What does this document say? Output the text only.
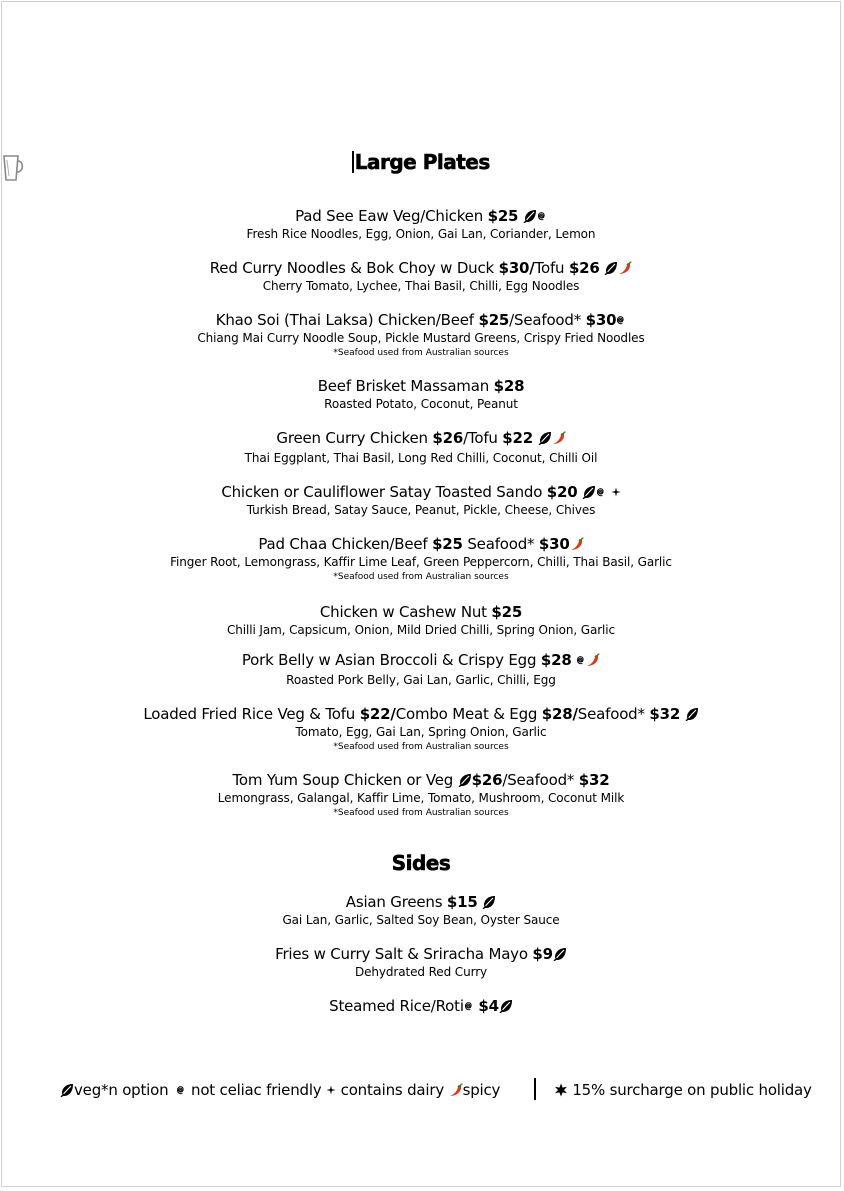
Large Plates
Pad See Eaw Veg/Chicken $25
Fresh Rice Noodles, Egg, Onion, Gai Lan, Coriander, Lemon
Red Curry Noodles & Bok Choy w Duck $30/Tofu $26
Cherry Tomato, Lychee, Thai Basil, Chilli, Egg Noodles
Khao Soi (Thai Laksa) Chicken/Beef $25/Seafood* $30
Chiang Mai Curry Noodle Soup, Pickle Mustard Greens, Crispy Fried Noodles
*Seafood used from Australian sources
Beef Brisket Massaman $28
Roasted Potato, Coconut, Peanut
Green Curry Chicken $26/Tofu $22
Thai Eggplant, Thai Basil, Long Red Chilli, Coconut, Chilli Oil
Chicken or Cauliflower Satay Toasted Sando $20
Turkish Bread, Satay Sauce, Peanut, Pickle, Cheese, Chives
Pad Chaa Chicken/Beef $25 Seafood* $30
Finger Root, Lemongrass, Kaffir Lime Leaf, Green Peppercorn, Chilli, Thai Basil, Garlic
*Seafood used from Australian sources
Chicken w Cashew Nut $25
Chilli Jam, Capsicum, Onion, Mild Dried Chilli, Spring Onion, Garlic
Pork Belly w Asian Broccoli & Crispy Egg $28
Roasted Pork Belly, Gai Lan, Garlic, Chilli, Egg
Loaded Fried Rice Veg & Tofu $22/Combo Meat & Egg $28/Seafood* $32
Tomato, Egg, Gai Lan, Spring Onion, Garlic
*Seafood used from Australian sources
Tom Yum Soup Chicken or Veg $26/Seafood* $32
Lemongrass, Galangal, Kaffir Lime, Tomato, Mushroom, Coconut Milk
*Seafood used from Australian sources
Sides
Asian Greens $15
Gai Lan, Garlic, Salted Soy Bean, Oyster Sauce
Fries w Curry Salt & Sriracha Mayo $9
Dehydrated Red Curry
Steamed Rice/Roti $4
veg*n option not celiac friendly contains dairy spicy	15% surcharge on public holiday
